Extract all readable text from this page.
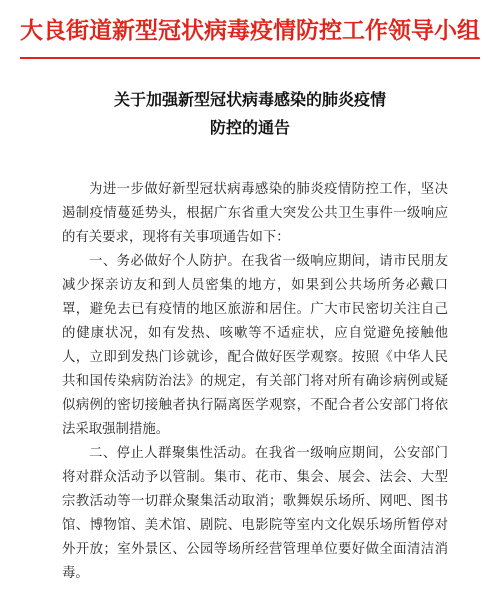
大良街道新型冠状病毒疫情防控工作领导小组
关于加强新型冠状病毒感染的肺炎疫情
防控的通告

为进一步做好新型冠状病毒感染的肺炎疫情防控工作，坚决遏制疫情蔓延势头，根据广东省重大突发公共卫生事件一级响应的有关要求，现将有关事项通告如下：

一、务必做好个人防护。在我省一级响应期间，请市民朋友减少探亲访友和到人员密集的地方，如果到公共场所务必戴口罩，避免去已有疫情的地区旅游和居住。广大市民密切关注自己的健康状况，如有发热、咳嗽等不适症状，应自觉避免接触他人，立即到发热门诊就诊，配合做好医学观察。按照《中华人民共和国传染病防治法》的规定，有关部门将对所有确诊病例或疑似病例的密切接触者执行隔离医学观察，不配合者公安部门将依法采取强制措施。

二、停止人群聚集性活动。在我省一级响应期间，公安部门将对群众活动予以管制。集市、花市、集会、展会、法会、大型宗教活动等一切群众聚集活动取消；歌舞娱乐场所、网吧、图书馆、博物馆、美术馆、剧院、电影院等室内文化娱乐场所暂停对外开放；室外景区、公园等场所经营管理单位要好做全面清洁消毒。
